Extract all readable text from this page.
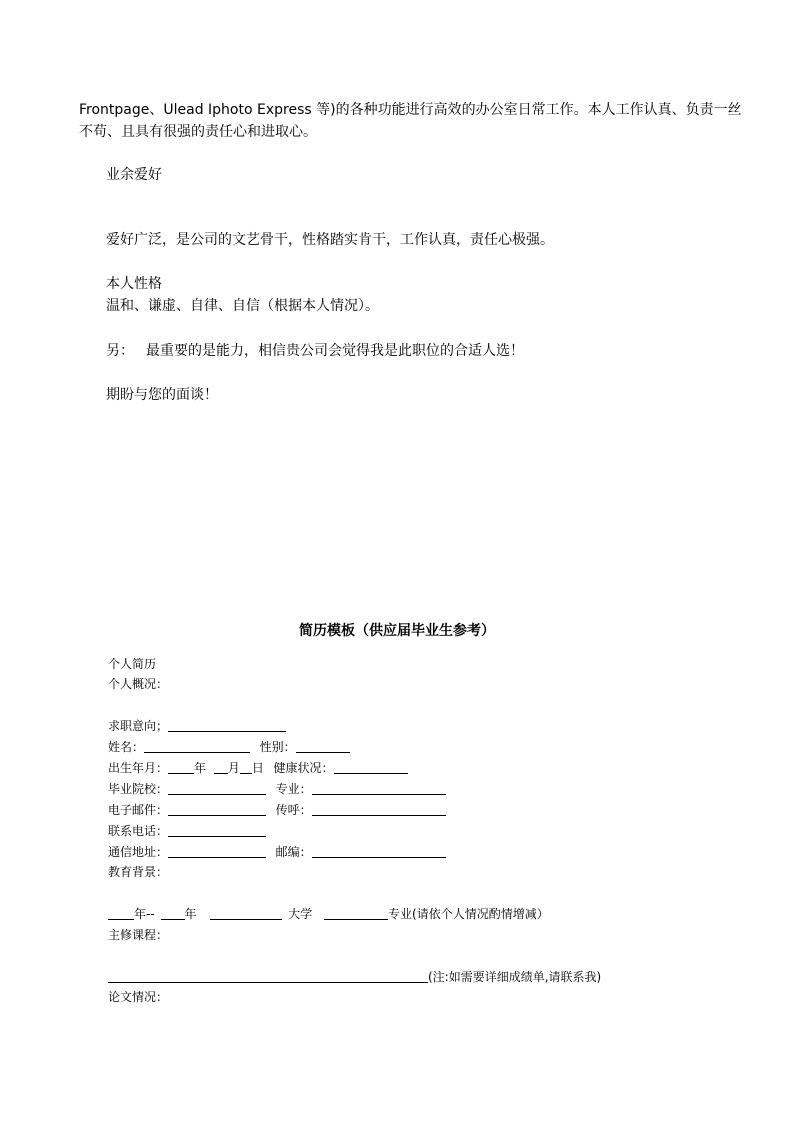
Frontpage、Ulead Iphoto Express 等)的各种功能进行高效的办公室日常工作。本人工作认真、负责一丝
不苟、且具有很强的责任心和进取心。
业余爱好
爱好广泛，是公司的文艺骨干，性格踏实肯干，工作认真，责任心极强。
本人性格
温和、谦虚、自律、自信（根据本人情况）。
另： 最重要的是能力，相信贵公司会觉得我是此职位的合适人选！
期盼与您的面谈！
简历模板（供应届毕业生参考）
个人简历
个人概况：
求职意向；
姓名：	性别：
出生年月： 年 月 日 健康状况：
毕业院校：	专业：
电子邮件：	传呼：
联系电话：
通信地址：	邮编：
教育背景：
年-- 年	大学	专业(请依个人情况酌情增减）
主修课程：
(注:如需要详细成绩单,请联系我)
论文情况：
